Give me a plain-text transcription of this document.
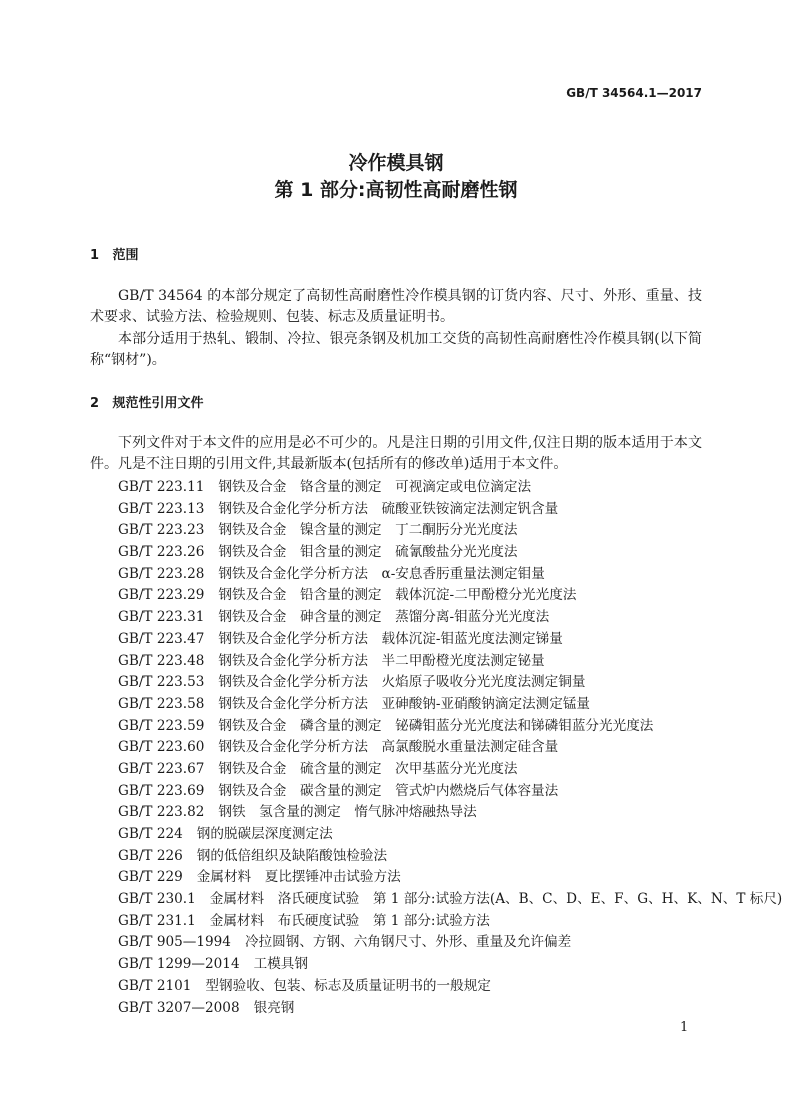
GB/T 34564.1—2017
冷作模具钢
第 1 部分:高韧性高耐磨性钢
1 范围

GB/T 34564 的本部分规定了高韧性高耐磨性冷作模具钢的订货内容、尺寸、外形、重量、技术要求、试验方法、检验规则、包装、标志及质量证明书。

本部分适用于热轧、锻制、冷拉、银亮条钢及机加工交货的高韧性高耐磨性冷作模具钢(以下简称“钢材”)。

2 规范性引用文件

下列文件对于本文件的应用是必不可少的。凡是注日期的引用文件,仅注日期的版本适用于本文件。凡是不注日期的引用文件,其最新版本(包括所有的修改单)适用于本文件。

GB/T 223.11 钢铁及合金　铬含量的测定　可视滴定或电位滴定法
GB/T 223.13 钢铁及合金化学分析方法　硫酸亚铁铵滴定法测定钒含量
GB/T 223.23 钢铁及合金　镍含量的测定　丁二酮肟分光光度法
GB/T 223.26 钢铁及合金　钼含量的测定　硫氰酸盐分光光度法
GB/T 223.28 钢铁及合金化学分析方法　α-安息香肟重量法测定钼量
GB/T 223.29 钢铁及合金　铅含量的测定　载体沉淀-二甲酚橙分光光度法
GB/T 223.31 钢铁及合金　砷含量的测定　蒸馏分离-钼蓝分光光度法
GB/T 223.47 钢铁及合金化学分析方法　载体沉淀-钼蓝光度法测定锑量
GB/T 223.48 钢铁及合金化学分析方法　半二甲酚橙光度法测定铋量
GB/T 223.53 钢铁及合金化学分析方法　火焰原子吸收分光光度法测定铜量
GB/T 223.58 钢铁及合金化学分析方法　亚砷酸钠-亚硝酸钠滴定法测定锰量
GB/T 223.59 钢铁及合金　磷含量的测定　铋磷钼蓝分光光度法和锑磷钼蓝分光光度法
GB/T 223.60 钢铁及合金化学分析方法　高氯酸脱水重量法测定硅含量
GB/T 223.67 钢铁及合金　硫含量的测定　次甲基蓝分光光度法
GB/T 223.69 钢铁及合金　碳含量的测定　管式炉内燃烧后气体容量法
GB/T 223.82 钢铁　氢含量的测定　惰气脉冲熔融热导法
GB/T 224 钢的脱碳层深度测定法
GB/T 226 钢的低倍组织及缺陷酸蚀检验法
GB/T 229 金属材料　夏比摆锤冲击试验方法
GB/T 230.1 金属材料　洛氏硬度试验　第 1 部分:试验方法(A、B、C、D、E、F、G、H、K、N、T 标尺)
GB/T 231.1 金属材料　布氏硬度试验　第 1 部分:试验方法
GB/T 905—1994 冷拉圆钢、方钢、六角钢尺寸、外形、重量及允许偏差
GB/T 1299—2014 工模具钢
GB/T 2101 型钢验收、包装、标志及质量证明书的一般规定
GB/T 3207—2008 银亮钢
1
